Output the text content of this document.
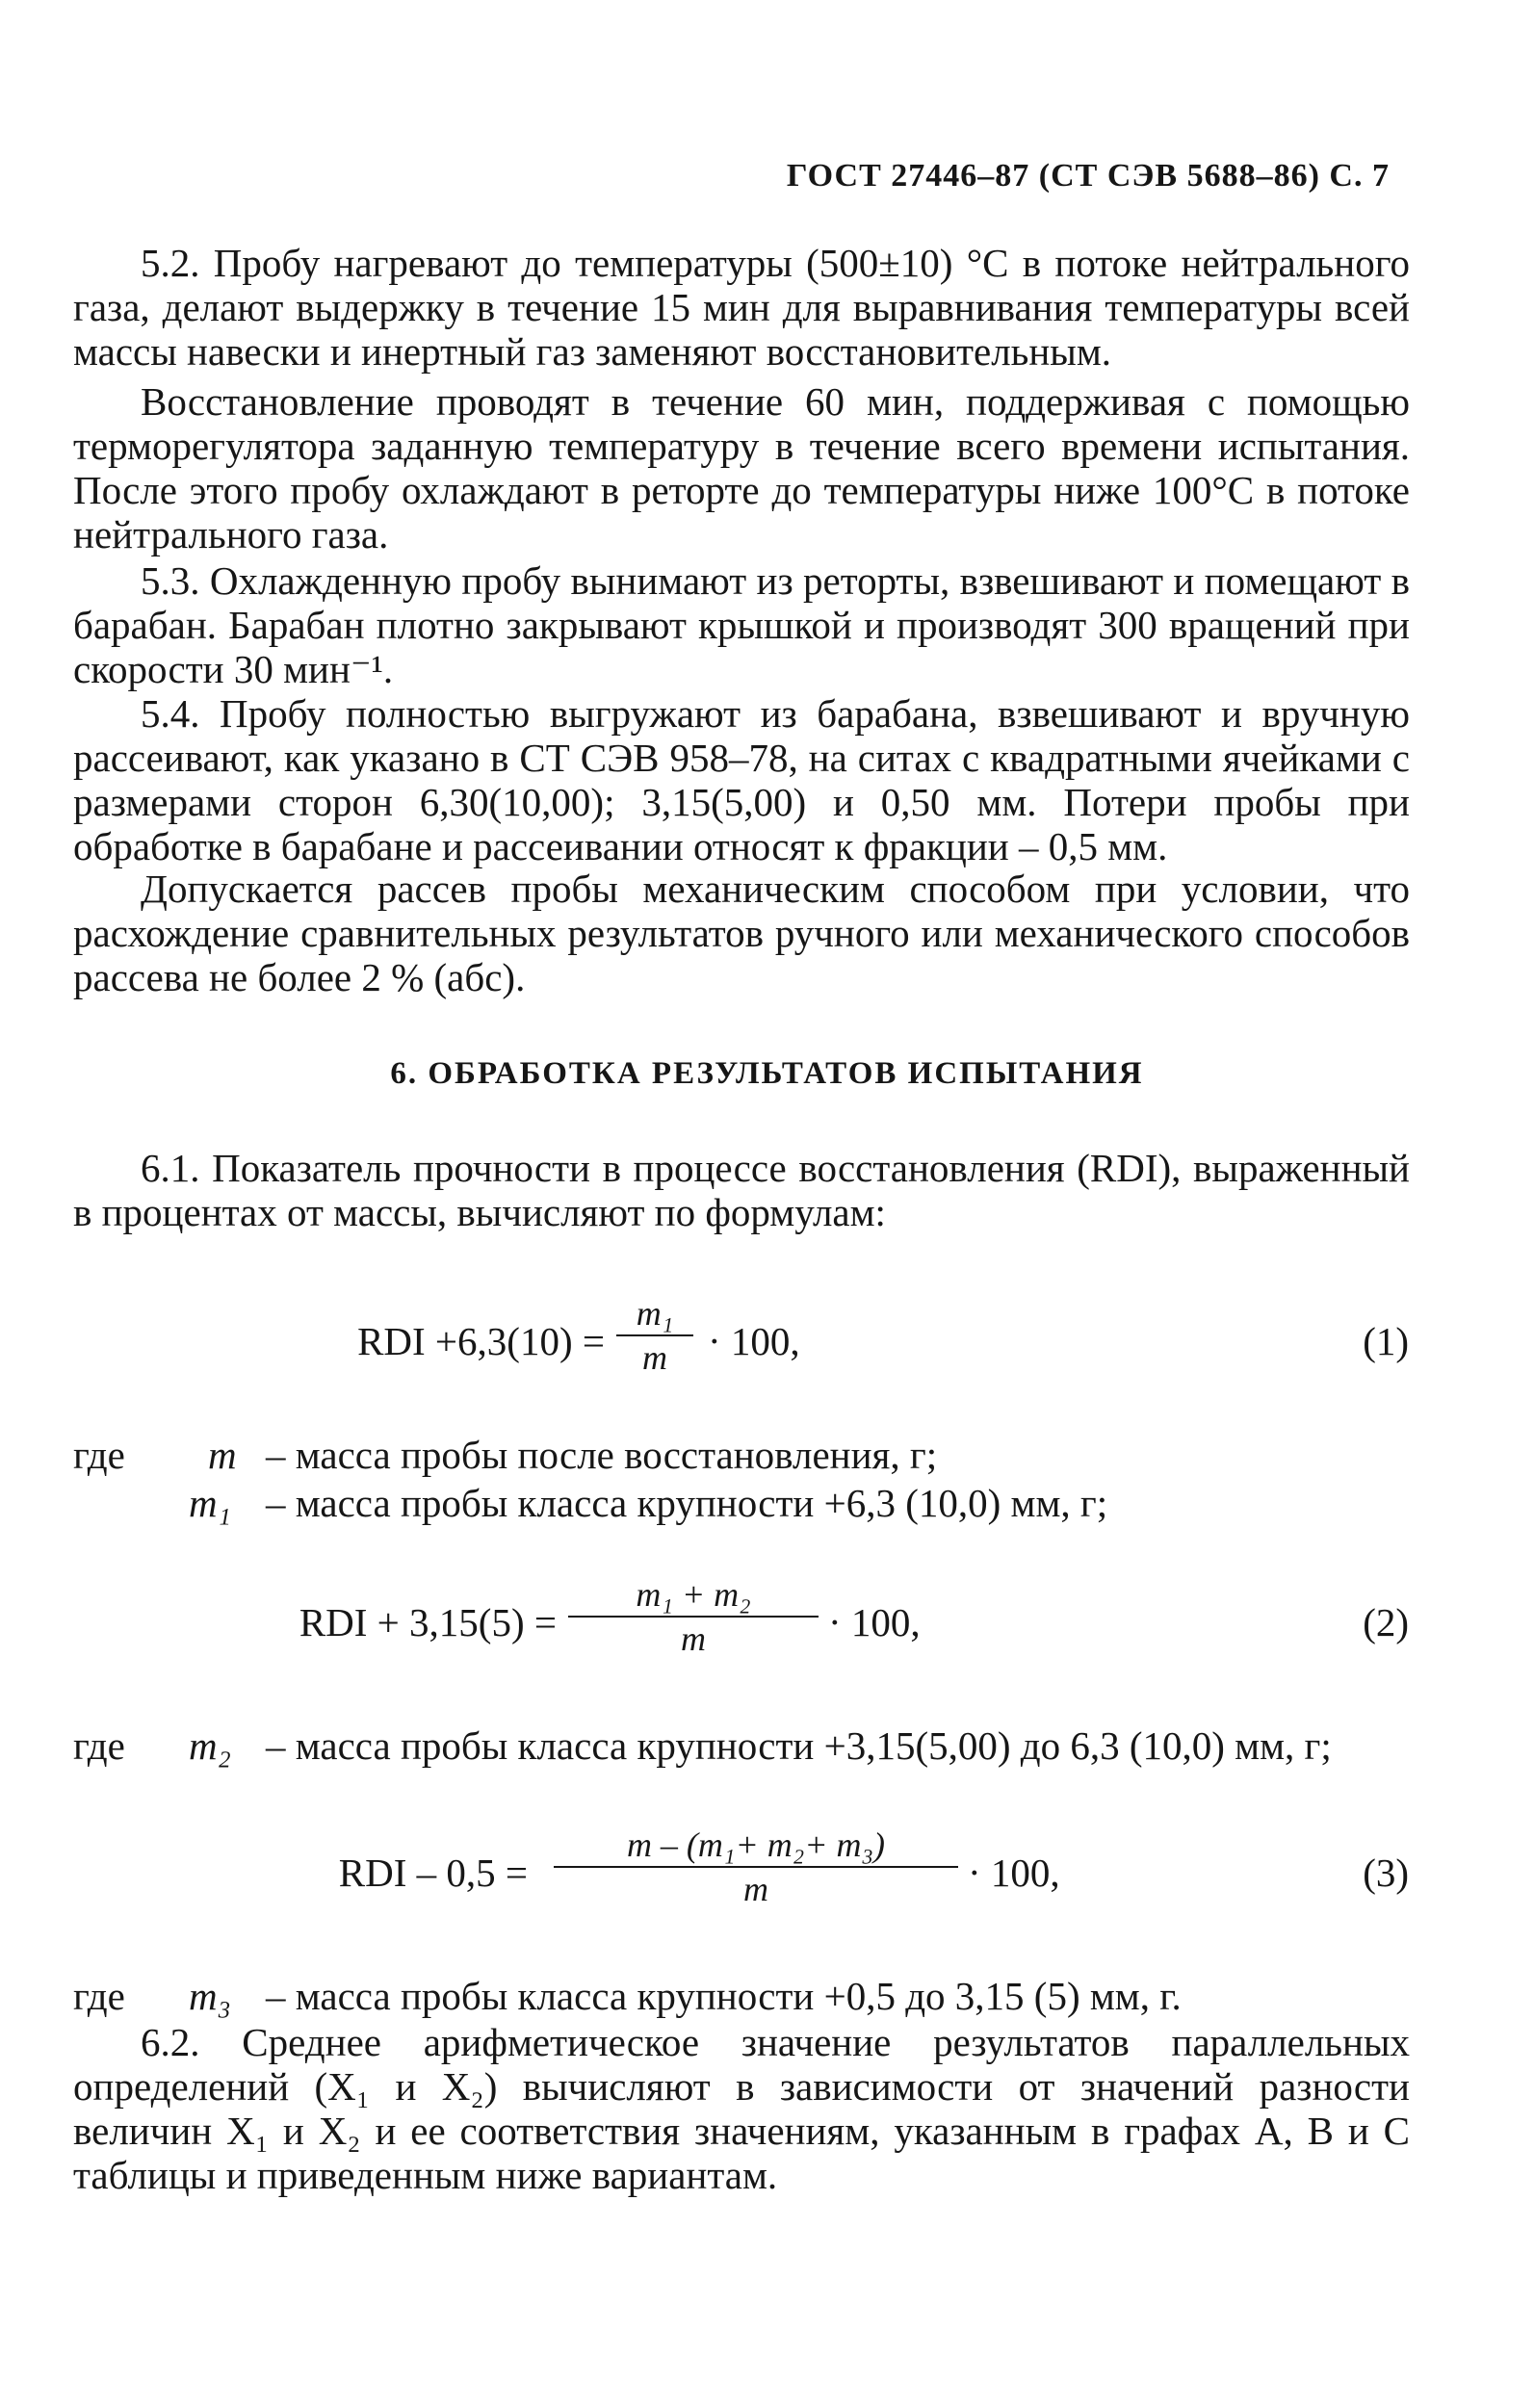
ГОСТ 27446–87 (СТ СЭВ 5688–86) С. 7

5.2. Пробу нагревают до температуры (500±10) °С в потоке нейтрального газа, делают выдержку в течение 15 мин для выравнивания температуры всей массы навески и инертный газ заменяют восстановительным.

Восстановление проводят в течение 60 мин, поддерживая с помощью терморегулятора заданную температуру в течение всего времени испытания. После этого пробу охлаждают в реторте до температуры ниже 100°С в потоке нейтрального газа.

5.3. Охлажденную пробу вынимают из реторты, взвешивают и помещают в барабан. Барабан плотно закрывают крышкой и производят 300 вращений при скорости 30 мин⁻¹.

5.4. Пробу полностью выгружают из барабана, взвешивают и вручную рассеивают, как указано в СТ СЭВ 958–78, на ситах с квадратными ячейками с размерами сторон 6,30(10,00); 3,15(5,00) и 0,50 мм. Потери пробы при обработке в барабане и рассеивании относят к фракции – 0,5 мм.

Допускается рассев пробы механическим способом при условии, что расхождение сравнительных результатов ручного или механического способов рассева не более 2 % (абс).

6. ОБРАБОТКА РЕЗУЛЬТАТОВ ИСПЫТАНИЯ

6.1. Показатель прочности в процессе восстановления (RDI), выраженный в процентах от массы, вычисляют по формулам:

RDI +6,3(10) =
m₁
m	· 100,	(1)
где m – масса пробы после восстановления, г;
m₁ – масса пробы класса крупности +6,3 (10,0) мм, г;
RDI + 3,15(5) =
m₁ + m₂
m	· 100,	(2)
где m₂ – масса пробы класса крупности +3,15(5,00) до 6,3 (10,0) мм, г;
RDI – 0,5 =
m – (m₁+ m₂+ m₃)
m	· 100,	(3)
где m₃ – масса пробы класса крупности +0,5 до 3,15 (5) мм, г.

6.2. Среднее арифметическое значение результатов параллельных определений (X₁ и X₂) вычисляют в зависимости от значений разности величин X₁ и X₂ и ее соответствия значениям, указанным в графах A, B и C таблицы и приведенным ниже вариантам.
